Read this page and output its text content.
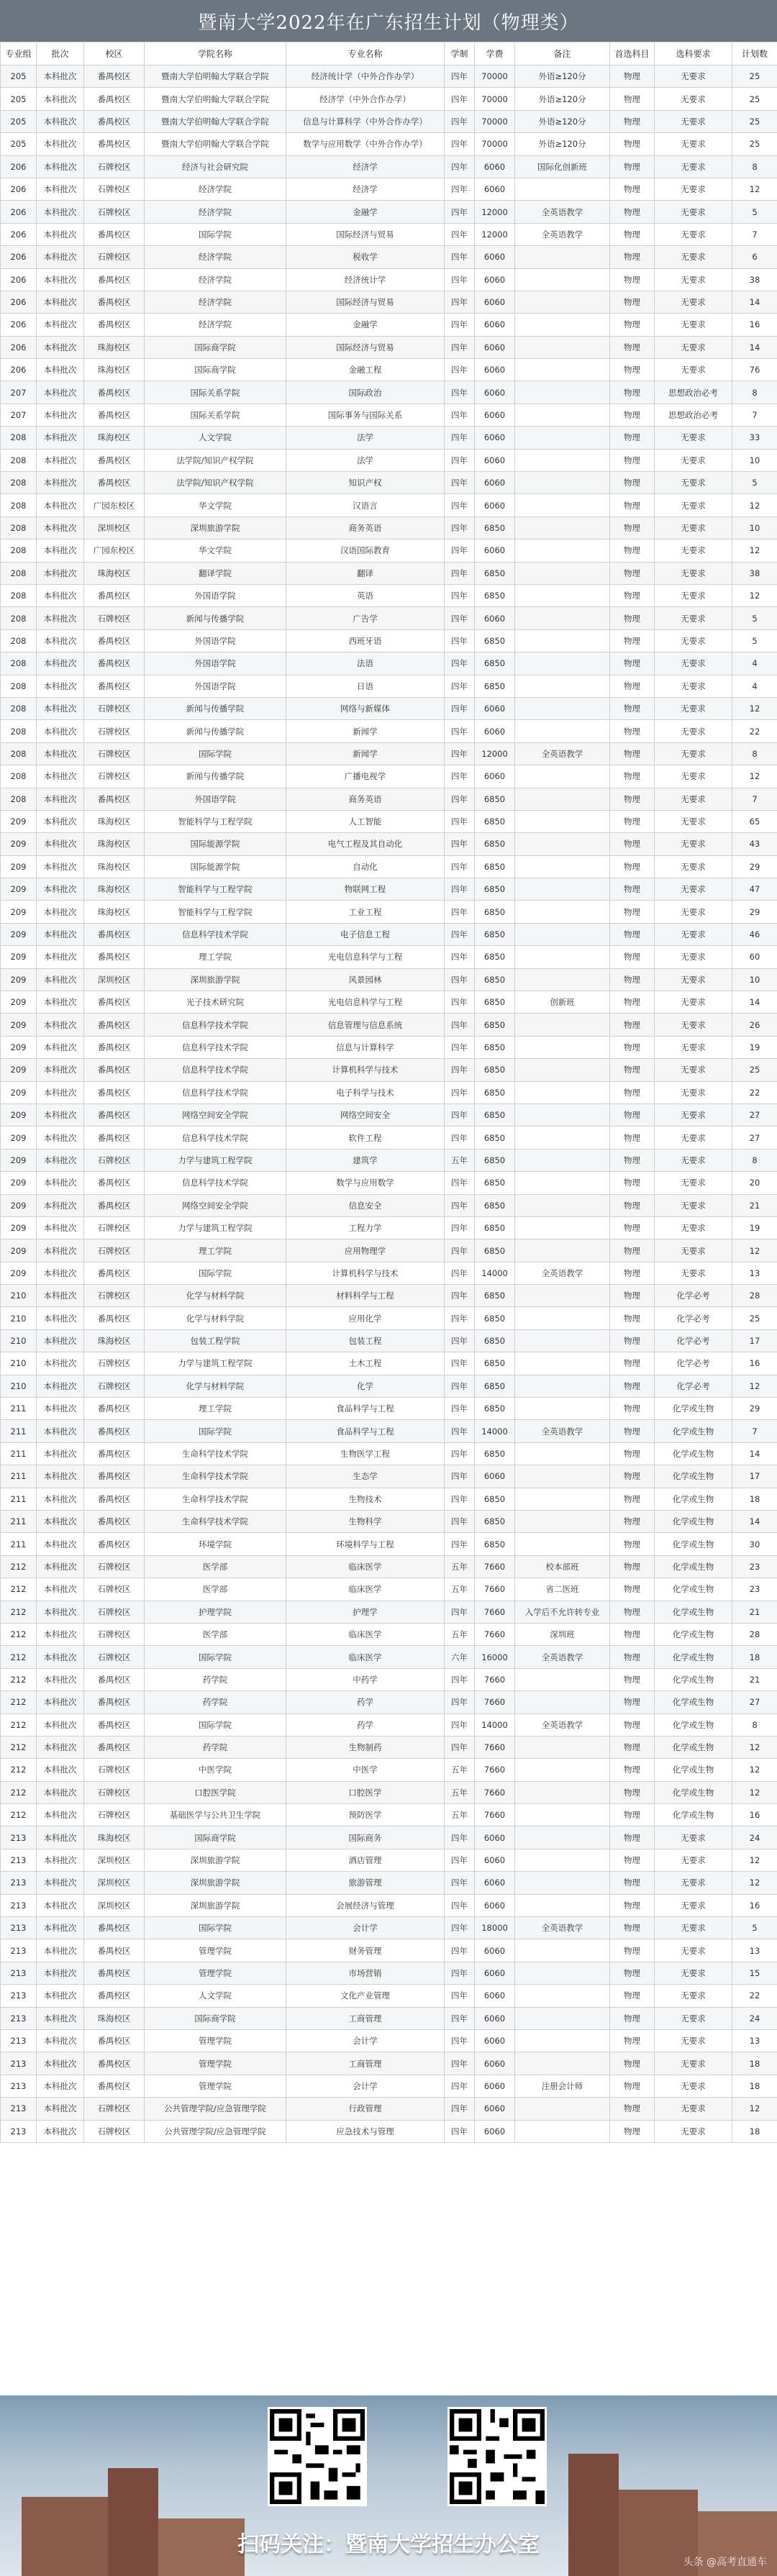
暨南大学2022年在广东招生计划（物理类）
专业组	批次	校区	学院名称	专业名称	学制	学费	备注	首选科目	选科要求	计划数
205	本科批次	番禺校区	暨南大学伯明翰大学联合学院	经济统计学（中外合作办学）	四年	70000	外语≥120分	物理	无要求	25
205	本科批次	番禺校区	暨南大学伯明翰大学联合学院	经济学（中外合作办学）	四年	70000	外语≥120分	物理	无要求	25
205	本科批次	番禺校区	暨南大学伯明翰大学联合学院	信息与计算科学（中外合作办学）	四年	70000	外语≥120分	物理	无要求	25
205	本科批次	番禺校区	暨南大学伯明翰大学联合学院	数学与应用数学（中外合作办学）	四年	70000	外语≥120分	物理	无要求	25
206	本科批次	石牌校区	经济与社会研究院	经济学	四年	6060	国际化创新班	物理	无要求	8
206	本科批次	石牌校区	经济学院	经济学	四年	6060		物理	无要求	12
206	本科批次	石牌校区	经济学院	金融学	四年	12000	全英语教学	物理	无要求	5
206	本科批次	番禺校区	国际学院	国际经济与贸易	四年	12000	全英语教学	物理	无要求	7
206	本科批次	石牌校区	经济学院	税收学	四年	6060		物理	无要求	6
206	本科批次	番禺校区	经济学院	经济统计学	四年	6060		物理	无要求	38
206	本科批次	番禺校区	经济学院	国际经济与贸易	四年	6060		物理	无要求	14
206	本科批次	番禺校区	经济学院	金融学	四年	6060		物理	无要求	16
206	本科批次	珠海校区	国际商学院	国际经济与贸易	四年	6060		物理	无要求	14
206	本科批次	珠海校区	国际商学院	金融工程	四年	6060		物理	无要求	76
207	本科批次	番禺校区	国际关系学院	国际政治	四年	6060		物理	思想政治必考	8
207	本科批次	番禺校区	国际关系学院	国际事务与国际关系	四年	6060		物理	思想政治必考	7
208	本科批次	珠海校区	人文学院	法学	四年	6060		物理	无要求	33
208	本科批次	番禺校区	法学院/知识产权学院	法学	四年	6060		物理	无要求	10
208	本科批次	番禺校区	法学院/知识产权学院	知识产权	四年	6060		物理	无要求	5
208	本科批次	广园东校区	华文学院	汉语言	四年	6060		物理	无要求	12
208	本科批次	深圳校区	深圳旅游学院	商务英语	四年	6850		物理	无要求	10
208	本科批次	广园东校区	华文学院	汉语国际教育	四年	6060		物理	无要求	12
208	本科批次	珠海校区	翻译学院	翻译	四年	6850		物理	无要求	38
208	本科批次	番禺校区	外国语学院	英语	四年	6850		物理	无要求	12
208	本科批次	石牌校区	新闻与传播学院	广告学	四年	6060		物理	无要求	5
208	本科批次	番禺校区	外国语学院	西班牙语	四年	6850		物理	无要求	5
208	本科批次	番禺校区	外国语学院	法语	四年	6850		物理	无要求	4
208	本科批次	番禺校区	外国语学院	日语	四年	6850		物理	无要求	4
208	本科批次	石牌校区	新闻与传播学院	网络与新媒体	四年	6060		物理	无要求	12
208	本科批次	石牌校区	新闻与传播学院	新闻学	四年	6060		物理	无要求	22
208	本科批次	石牌校区	国际学院	新闻学	四年	12000	全英语教学	物理	无要求	8
208	本科批次	石牌校区	新闻与传播学院	广播电视学	四年	6060		物理	无要求	12
208	本科批次	番禺校区	外国语学院	商务英语	四年	6850		物理	无要求	7
209	本科批次	珠海校区	智能科学与工程学院	人工智能	四年	6850		物理	无要求	65
209	本科批次	珠海校区	国际能源学院	电气工程及其自动化	四年	6850		物理	无要求	43
209	本科批次	珠海校区	国际能源学院	自动化	四年	6850		物理	无要求	29
209	本科批次	珠海校区	智能科学与工程学院	物联网工程	四年	6850		物理	无要求	47
209	本科批次	珠海校区	智能科学与工程学院	工业工程	四年	6850		物理	无要求	29
209	本科批次	番禺校区	信息科学技术学院	电子信息工程	四年	6850		物理	无要求	46
209	本科批次	番禺校区	理工学院	光电信息科学与工程	四年	6850		物理	无要求	60
209	本科批次	深圳校区	深圳旅游学院	风景园林	四年	6850		物理	无要求	10
209	本科批次	番禺校区	光子技术研究院	光电信息科学与工程	四年	6850	创新班	物理	无要求	14
209	本科批次	番禺校区	信息科学技术学院	信息管理与信息系统	四年	6850		物理	无要求	26
209	本科批次	番禺校区	信息科学技术学院	信息与计算科学	四年	6850		物理	无要求	19
209	本科批次	番禺校区	信息科学技术学院	计算机科学与技术	四年	6850		物理	无要求	25
209	本科批次	番禺校区	信息科学技术学院	电子科学与技术	四年	6850		物理	无要求	22
209	本科批次	番禺校区	网络空间安全学院	网络空间安全	四年	6850		物理	无要求	27
209	本科批次	番禺校区	信息科学技术学院	软件工程	四年	6850		物理	无要求	27
209	本科批次	石牌校区	力学与建筑工程学院	建筑学	五年	6850		物理	无要求	8
209	本科批次	番禺校区	信息科学技术学院	数学与应用数学	四年	6850		物理	无要求	20
209	本科批次	番禺校区	网络空间安全学院	信息安全	四年	6850		物理	无要求	21
209	本科批次	石牌校区	力学与建筑工程学院	工程力学	四年	6850		物理	无要求	19
209	本科批次	石牌校区	理工学院	应用物理学	四年	6850		物理	无要求	12
209	本科批次	番禺校区	国际学院	计算机科学与技术	四年	14000	全英语教学	物理	无要求	13
210	本科批次	石牌校区	化学与材料学院	材料科学与工程	四年	6850		物理	化学必考	28
210	本科批次	番禺校区	化学与材料学院	应用化学	四年	6850		物理	化学必考	25
210	本科批次	珠海校区	包装工程学院	包装工程	四年	6850		物理	化学必考	17
210	本科批次	石牌校区	力学与建筑工程学院	土木工程	四年	6850		物理	化学必考	16
210	本科批次	石牌校区	化学与材料学院	化学	四年	6850		物理	化学必考	12
211	本科批次	番禺校区	理工学院	食品科学与工程	四年	6850		物理	化学或生物	29
211	本科批次	番禺校区	国际学院	食品科学与工程	四年	14000	全英语教学	物理	化学或生物	7
211	本科批次	番禺校区	生命科学技术学院	生物医学工程	四年	6850		物理	化学或生物	14
211	本科批次	番禺校区	生命科学技术学院	生态学	四年	6060		物理	化学或生物	17
211	本科批次	番禺校区	生命科学技术学院	生物技术	四年	6850		物理	化学或生物	18
211	本科批次	番禺校区	生命科学技术学院	生物科学	四年	6850		物理	化学或生物	14
211	本科批次	番禺校区	环境学院	环境科学与工程	四年	6850		物理	化学或生物	30
212	本科批次	石牌校区	医学部	临床医学	五年	7660	校本部班	物理	化学或生物	23
212	本科批次	石牌校区	医学部	临床医学	五年	7660	省二医班	物理	化学或生物	23
212	本科批次	石牌校区	护理学院	护理学	四年	7660	入学后不允许转专业	物理	化学或生物	21
212	本科批次	石牌校区	医学部	临床医学	五年	7660	深圳班	物理	化学或生物	28
212	本科批次	石牌校区	国际学院	临床医学	六年	16000	全英语教学	物理	化学或生物	18
212	本科批次	番禺校区	药学院	中药学	四年	7660		物理	化学或生物	21
212	本科批次	番禺校区	药学院	药学	四年	7660		物理	化学或生物	27
212	本科批次	番禺校区	国际学院	药学	四年	14000	全英语教学	物理	化学或生物	8
212	本科批次	番禺校区	药学院	生物制药	四年	7660		物理	化学或生物	12
212	本科批次	石牌校区	中医学院	中医学	五年	7660		物理	化学或生物	12
212	本科批次	石牌校区	口腔医学院	口腔医学	五年	7660		物理	化学或生物	12
212	本科批次	石牌校区	基础医学与公共卫生学院	预防医学	五年	7660		物理	化学或生物	16
213	本科批次	珠海校区	国际商学院	国际商务	四年	6060		物理	无要求	24
213	本科批次	深圳校区	深圳旅游学院	酒店管理	四年	6060		物理	无要求	12
213	本科批次	深圳校区	深圳旅游学院	旅游管理	四年	6060		物理	无要求	12
213	本科批次	深圳校区	深圳旅游学院	会展经济与管理	四年	6060		物理	无要求	16
213	本科批次	番禺校区	国际学院	会计学	四年	18000	全英语教学	物理	无要求	5
213	本科批次	番禺校区	管理学院	财务管理	四年	6060		物理	无要求	13
213	本科批次	番禺校区	管理学院	市场营销	四年	6060		物理	无要求	15
213	本科批次	番禺校区	人文学院	文化产业管理	四年	6060		物理	无要求	22
213	本科批次	珠海校区	国际商学院	工商管理	四年	6060		物理	无要求	24
213	本科批次	番禺校区	管理学院	会计学	四年	6060		物理	无要求	13
213	本科批次	番禺校区	管理学院	工商管理	四年	6060		物理	无要求	18
213	本科批次	番禺校区	管理学院	会计学	四年	6060	注册会计师	物理	无要求	18
213	本科批次	石牌校区	公共管理学院/应急管理学院	行政管理	四年	6060		物理	无要求	12
213	本科批次	石牌校区	公共管理学院/应急管理学院	应急技术与管理	四年	6060		物理	无要求	18
扫码关注：暨南大学招生办公室
头条 @高考直通车
